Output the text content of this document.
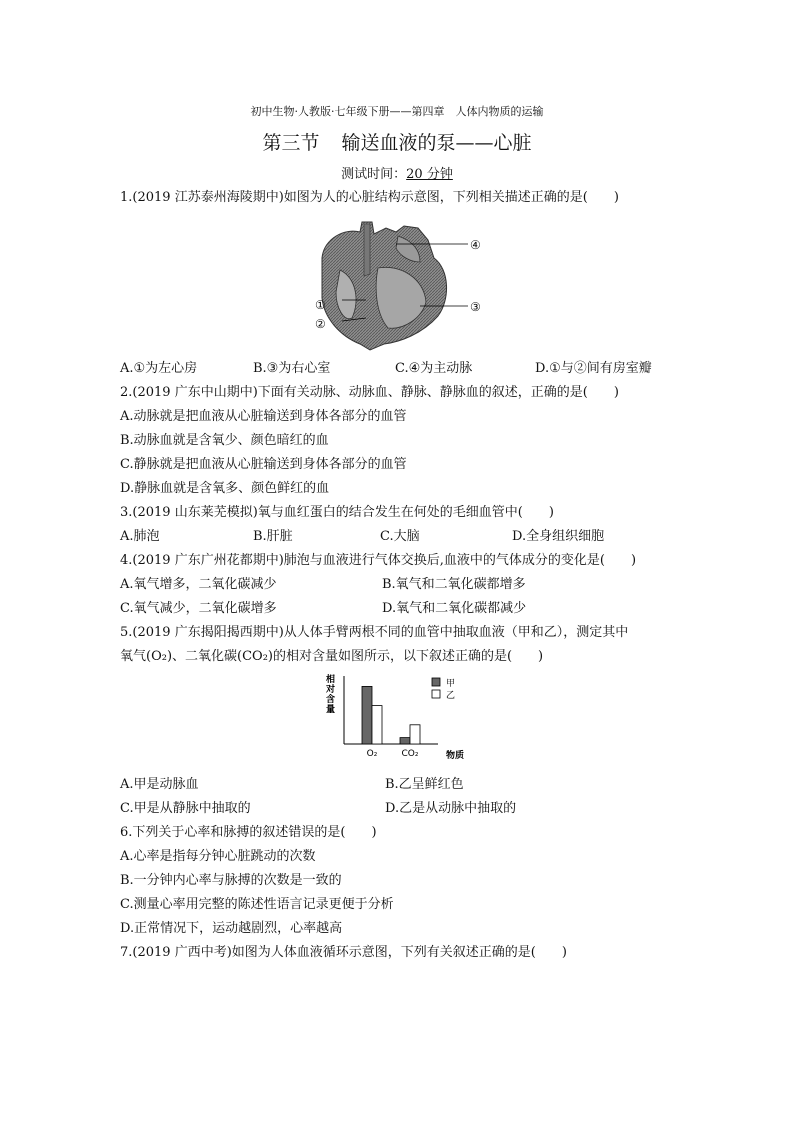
初中生物·人教版·七年级下册——第四章　人体内物质的运输
第三节 输送血液的泵——心脏
测试时间：20 分钟
1.(2019 江苏泰州海陵期中)如图为人的心脏结构示意图，下列相关描述正确的是(　　)
①
②
③
④
A.①为左心房	B.③为右心室	C.④为主动脉	D.①与②间有房室瓣
2.(2019 广东中山期中)下面有关动脉、动脉血、静脉、静脉血的叙述，正确的是(　　)
A.动脉就是把血液从心脏输送到身体各部分的血管
B.动脉血就是含氧少、颜色暗红的血
C.静脉就是把血液从心脏输送到身体各部分的血管
D.静脉血就是含氧多、颜色鲜红的血
3.(2019 山东莱芜模拟)氧与血红蛋白的结合发生在何处的毛细血管中(　　)
A.肺泡	B.肝脏	C.大脑	D.全身组织细胞
4.(2019 广东广州花都期中)肺泡与血液进行气体交换后,血液中的气体成分的变化是(　　)
A.氧气增多，二氧化碳减少	B.氧气和二氧化碳都增多
C.氧气减少，二氧化碳增多	D.氧气和二氧化碳都减少
5.(2019 广东揭阳揭西期中)从人体手臂两根不同的血管中抽取血液（甲和乙），测定其中
氧气(O₂)、二氧化碳(CO₂)的相对含量如图所示，以下叙述正确的是(　　)
相对含量
物质
O₂	CO₂
甲
乙
A.甲是动脉血	B.乙呈鲜红色
C.甲是从静脉中抽取的	D.乙是从动脉中抽取的
6.下列关于心率和脉搏的叙述错误的是(　　)
A.心率是指每分钟心脏跳动的次数
B.一分钟内心率与脉搏的次数是一致的
C.测量心率用完整的陈述性语言记录更便于分析
D.正常情况下，运动越剧烈，心率越高
7.(2019 广西中考)如图为人体血液循环示意图，下列有关叙述正确的是(　　)
